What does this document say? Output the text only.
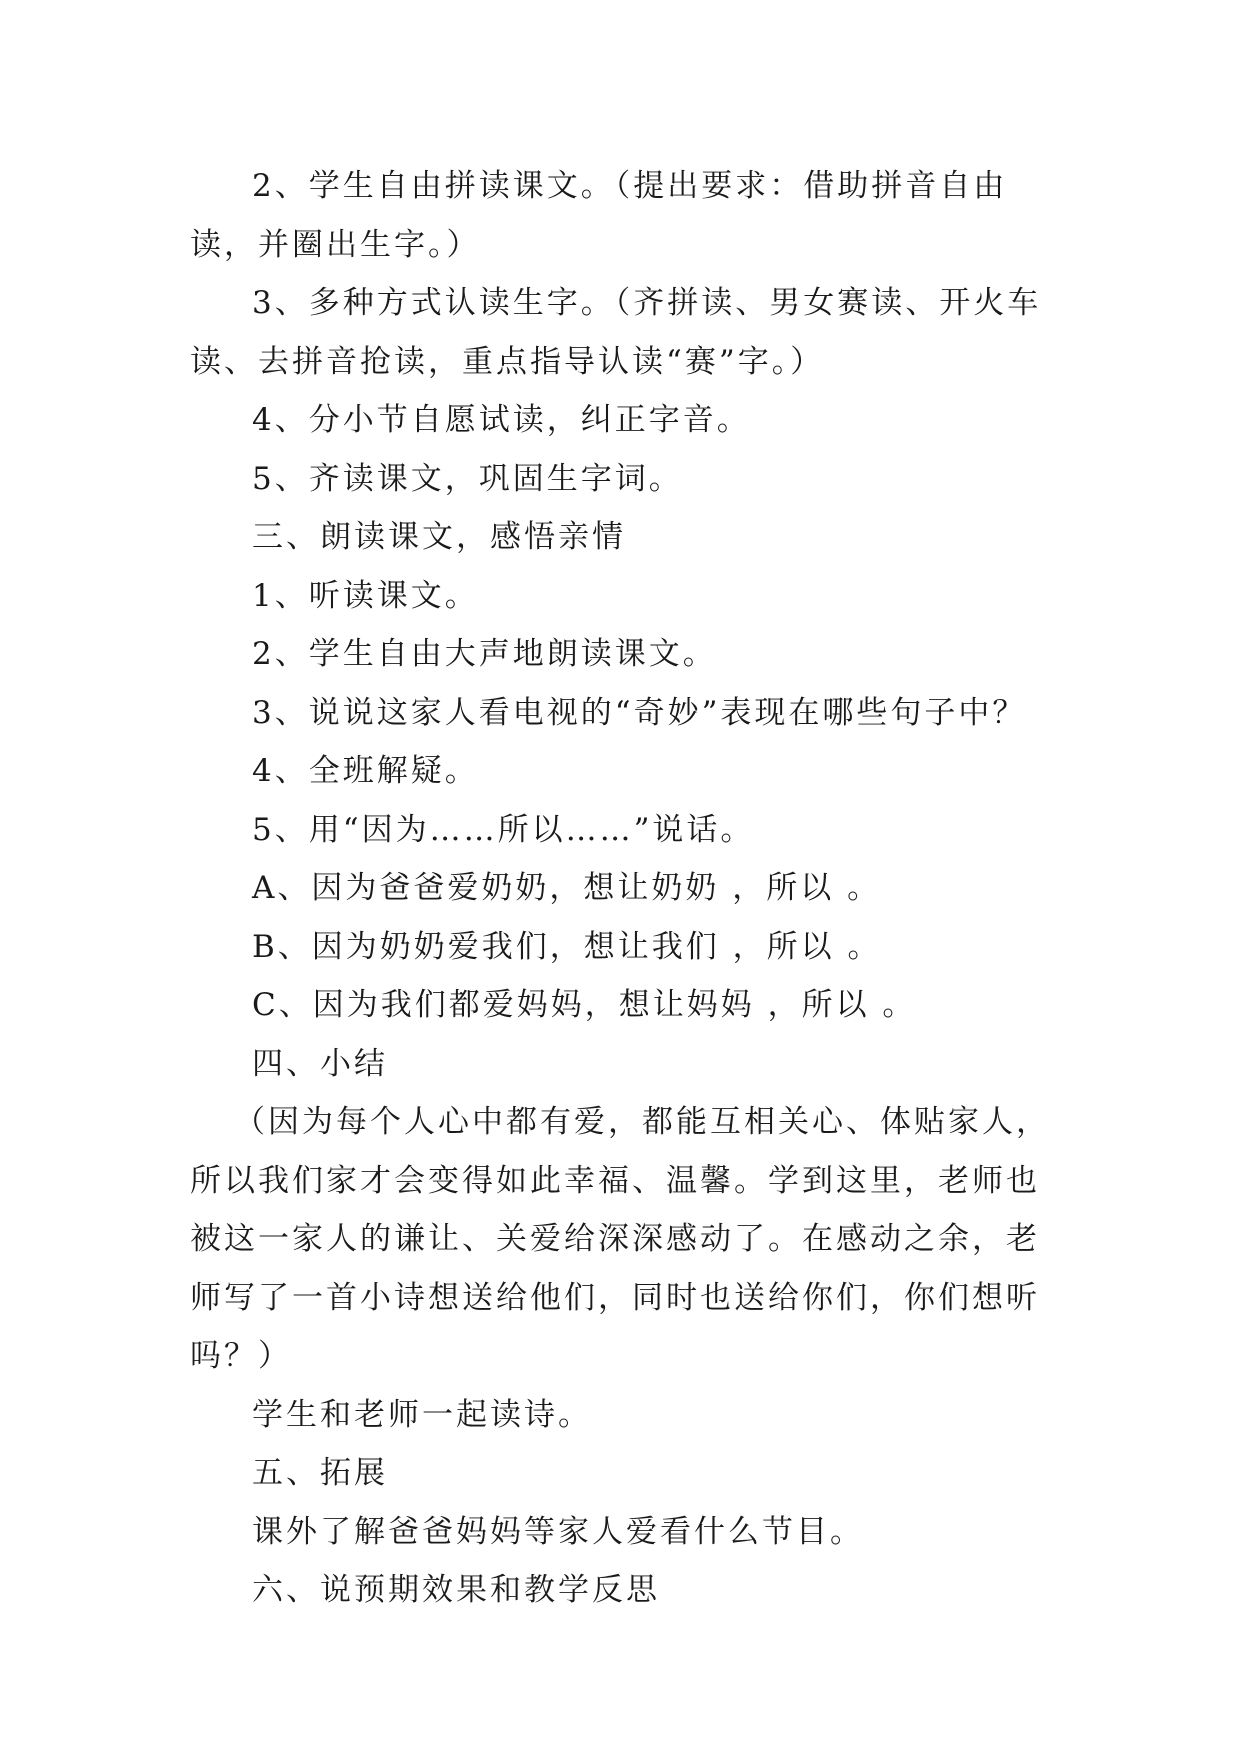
2、学生自由拼读课文。（提出要求：借助拼音自由读，并圈出生字。）

3、多种方式认读生字。（齐拼读、男女赛读、开火车读、去拼音抢读，重点指导认读“赛”字。）

4、分小节自愿试读，纠正字音。

5、齐读课文，巩固生字词。

三、朗读课文，感悟亲情

1、听读课文。

2、学生自由大声地朗读课文。

3、说说这家人看电视的“奇妙”表现在哪些句子中？

4、全班解疑。

5、用“因为……所以……”说话。

A、因为爸爸爱奶奶，想让奶奶 ，所以 。

B、因为奶奶爱我们，想让我们 ，所以 。

C、因为我们都爱妈妈，想让妈妈 ，所以 。

四、小结

（因为每个人心中都有爱，都能互相关心、体贴家人，所以我们家才会变得如此幸福、温馨。学到这里，老师也被这一家人的谦让、关爱给深深感动了。在感动之余，老师写了一首小诗想送给他们，同时也送给你们，你们想听吗？）

学生和老师一起读诗。

五、拓展

课外了解爸爸妈妈等家人爱看什么节目。

六、说预期效果和教学反思
